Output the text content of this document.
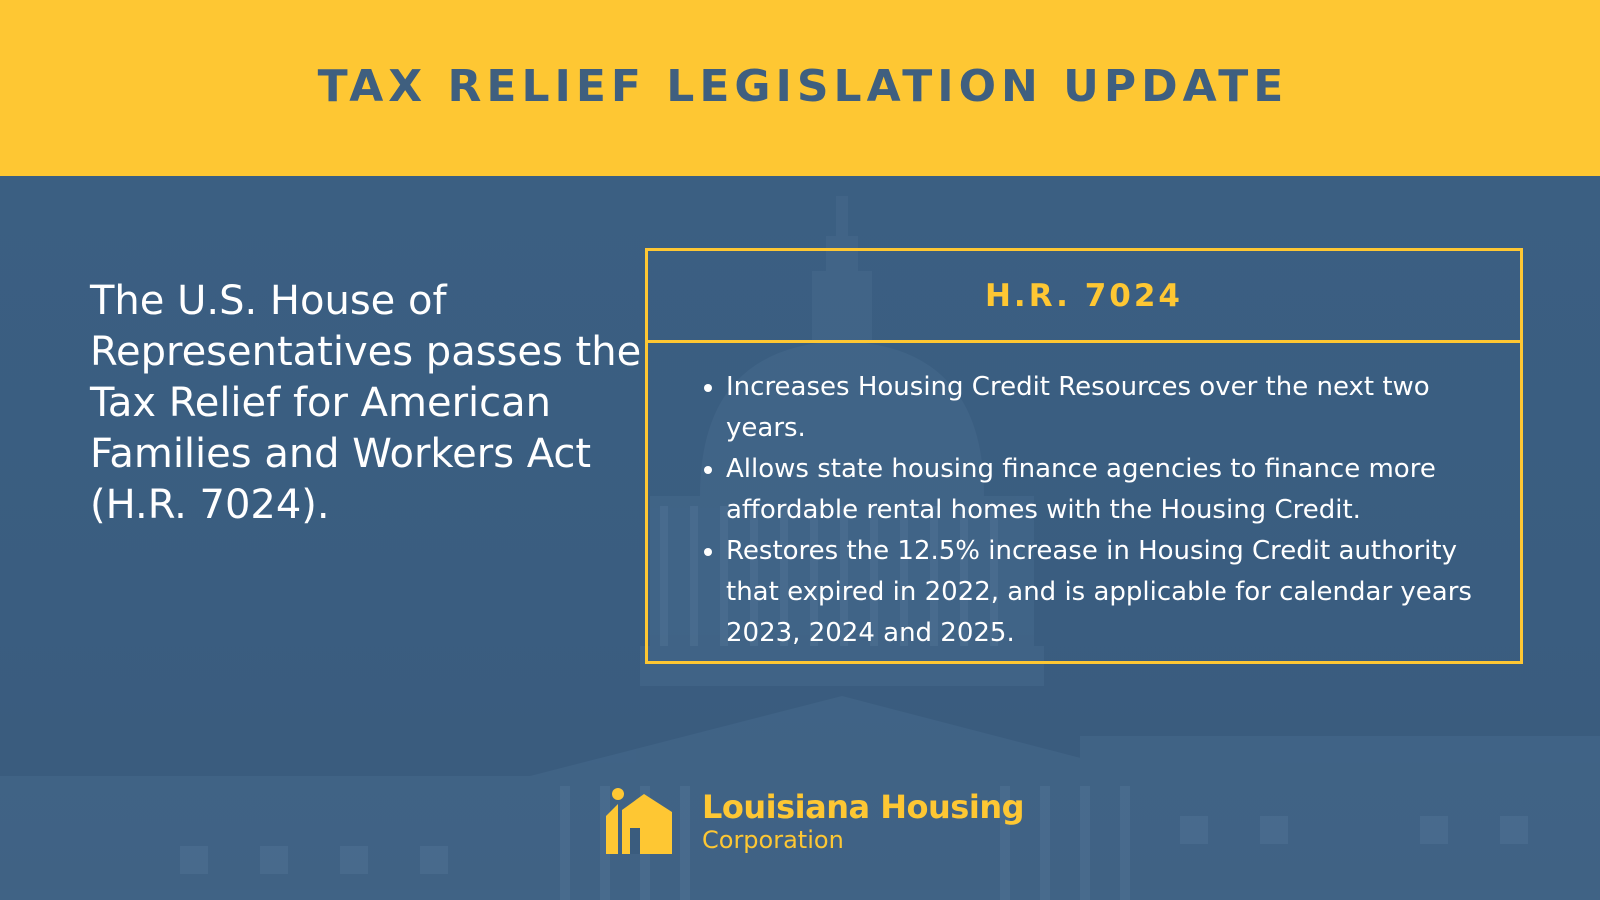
TAX RELIEF LEGISLATION UPDATE
The U.S. House of Representatives passes the Tax Relief for American Families and Workers Act (H.R. 7024).
H.R. 7024
Increases Housing Credit Resources over the next two years.
Allows state housing finance agencies to finance more affordable rental homes with the Housing Credit.
Restores the 12.5% increase in Housing Credit authority that expired in 2022, and is applicable for calendar years 2023, 2024 and 2025.
Louisiana Housing
Corporation
